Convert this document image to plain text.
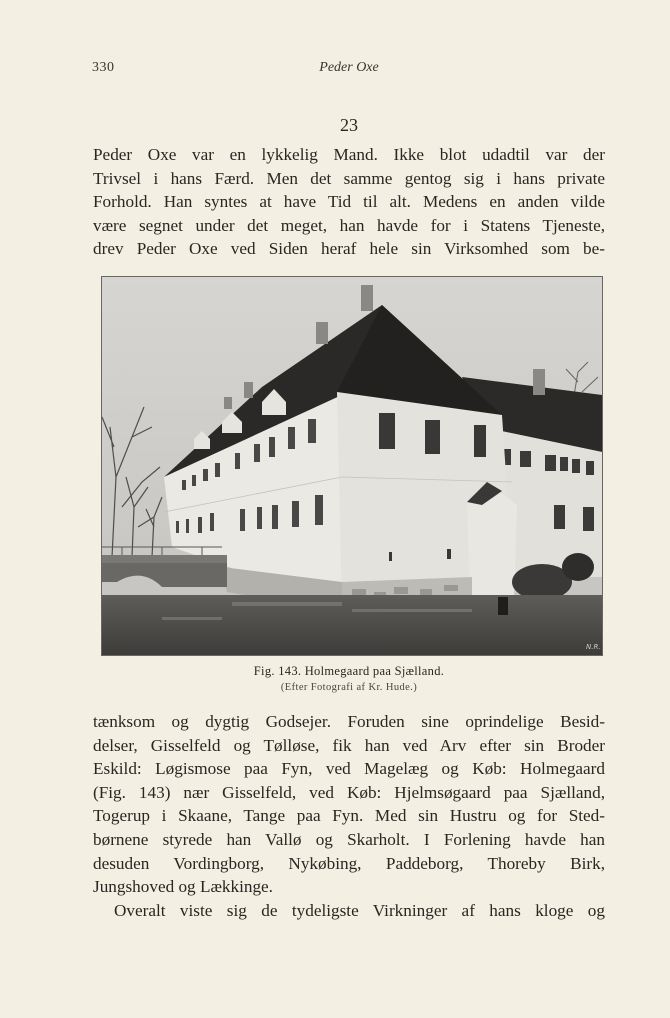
330	Peder Oxe
23
Peder Oxe var en lykkelig Mand. Ikke blot udadtil var der
Trivsel i hans Færd. Men det samme gentog sig i hans private
Forhold. Han syntes at have Tid til alt. Medens en anden vilde
være segnet under det meget, han havde for i Statens Tjeneste,
drev Peder Oxe ved Siden heraf hele sin Virksomhed som be-
N.R.
Fig. 143. Holmegaard paa Sjælland.
(Efter Fotografi af Kr. Hude.)
tænksom og dygtig Godsejer. Foruden sine oprindelige Besid-
delser, Gisselfeld og Tølløse, fik han ved Arv efter sin Broder
Eskild: Løgismose paa Fyn, ved Magelæg og Køb: Holmegaard
(Fig. 143) nær Gisselfeld, ved Køb: Hjelmsøgaard paa Sjælland,
Togerup i Skaane, Tange paa Fyn. Med sin Hustru og for Sted-
børnene styrede han Vallø og Skarholt. I Forlening havde han
desuden Vordingborg, Nykøbing, Paddeborg, Thoreby Birk,
Jungshoved og Lækkinge.
Overalt viste sig de tydeligste Virkninger af hans kloge og
